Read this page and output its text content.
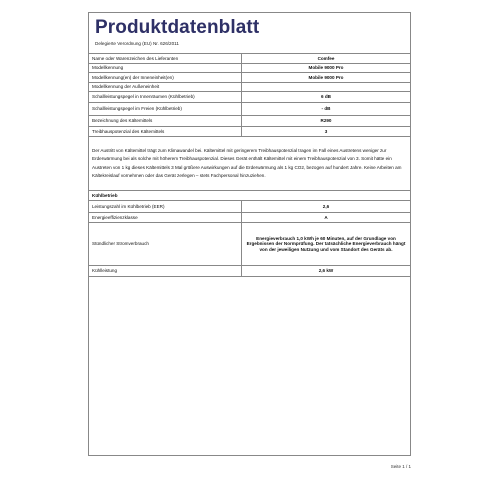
Produktdatenblatt
Delegierte Verordnung (EU) Nr. 626/2011
Name oder Warenzeichen des Lieferanten	Comfee
Modellkennung	Mobile 9000 Pro
Modellkennung(en) der Inneneinheit(en)	Mobile 9000 Pro
Modellkennung der Außeneinheit	
Schallleistungspegel in Innenräumen (Kühlbetrieb)	6 dB
Schallleistungspegel im Freien (Kühlbetrieb)	- dB
Bezeichnung des Kältemittels	R290
Treibhauspotenzial des Kältemittels	3
Der Austritt von Kältemittel trägt zum Klimawandel bei. Kältemittel mit geringerem Treibhauspotenzial tragen im Fall eines Austretens weniger zur Erderwärmung bei als solche mit höherem Treibhauspotenzial. Dieses Gerät enthält Kältemittel mit einem Treibhauspotenzial von 3. Somit hätte ein Austreten von 1 kg dieses Kältemittels 3 Mal größere Auswirkungen auf die Erderwärmung als 1 kg CO2, bezogen auf hundert Jahre. Keine Arbeiten am Kältekreislauf vornehmen oder das Gerät zerlegen – stets Fachpersonal hinzuziehen.	
Kühlbetrieb	
Leistungszahl im Kühlbetrieb (EER)	2,6
Energieeffizienzklasse	A
Stündlicher Stromverbrauch	Energieverbrauch 1,0 kWh je 60 Minuten, auf der Grundlage von Ergebnissen der Normprüfung. Der tatsächliche Energieverbrauch hängt von der jeweiligen Nutzung und vom Standort des Geräts ab.
Kühlleistung	2,6 kW

Seite 1 / 1
